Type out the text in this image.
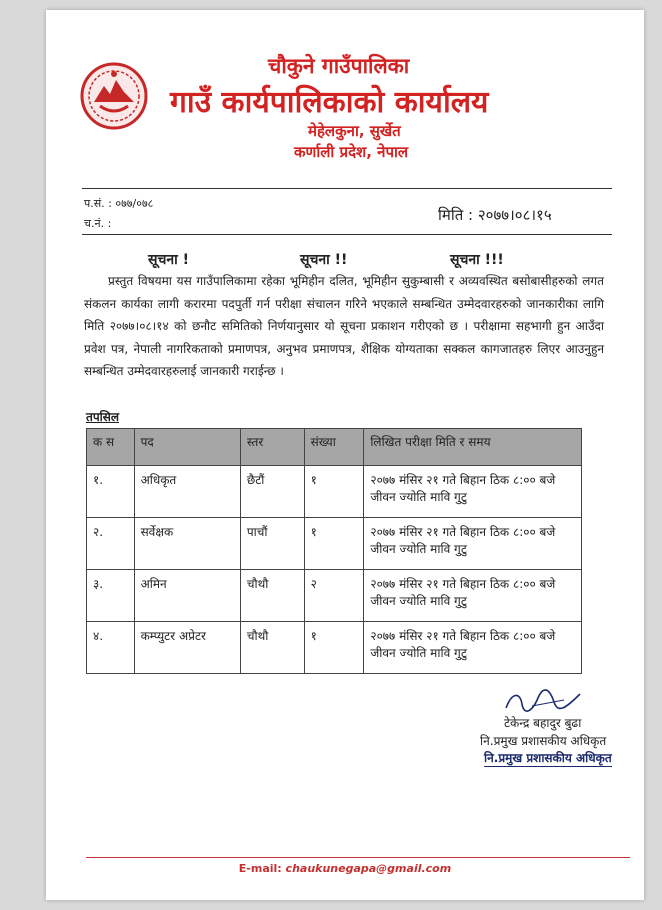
चौकुने गाउँपालिका
गाउँ कार्यपालिकाको कार्यालय
मेहेलकुना, सुर्खेत
कर्णाली प्रदेश, नेपाल
प.सं. : ०७७/०७८
च.नं. :	मिति : २०७७।०८।१५
सूचना !	सूचना !!	सूचना !!!
प्रस्तुत विषयमा यस गाउँपालिकामा रहेका भूमिहीन दलित, भूमिहीन सुकुम्बासी र अव्यवस्थित बसोबासीहरुको लगत संकलन कार्यका लागी करारमा पदपुर्ती गर्न परीक्षा संचालन गरिने भएकाले सम्बन्धित उम्मेदवारहरुको जानकारीका लागि मिति २०७७।०८।१४ को छनौट समितिको निर्णयानुसार यो सूचना प्रकाशन गरीएको छ । परीक्षामा सहभागी हुन आउँदा प्रवेश पत्र, नेपाली नागरिकताको प्रमाणपत्र, अनुभव प्रमाणपत्र, शैक्षिक योग्यताका सक्कल कागजातहरु लिएर आउनुहुन सम्बन्धित उम्मेदवारहरुलाई जानकारी गराईन्छ ।
तपसिल
क स	पद	स्तर	संख्या	लिखित परीक्षा मिति र समय
१.	अधिकृत	छैटौं	१	२०७७ मंसिर २१ गते बिहान ठिक ८:०० बजे जीवन ज्योति मावि गुटु
२.	सर्वेक्षक	पाचौं	१	२०७७ मंसिर २१ गते बिहान ठिक ८:०० बजे जीवन ज्योति मावि गुटु
३.	अमिन	चौथौ	२	२०७७ मंसिर २१ गते बिहान ठिक ८:०० बजे जीवन ज्योति मावि गुटु
४.	कम्प्युटर अप्रेटर	चौथौ	१	२०७७ मंसिर २१ गते बिहान ठिक ८:०० बजे जीवन ज्योति मावि गुटु
टेकेन्द्र बहादुर बुढा
नि.प्रमुख प्रशासकीय अधिकृत
नि.प्रमुख प्रशासकीय अधिकृत
E-mail: chaukunegapa@gmail.com
